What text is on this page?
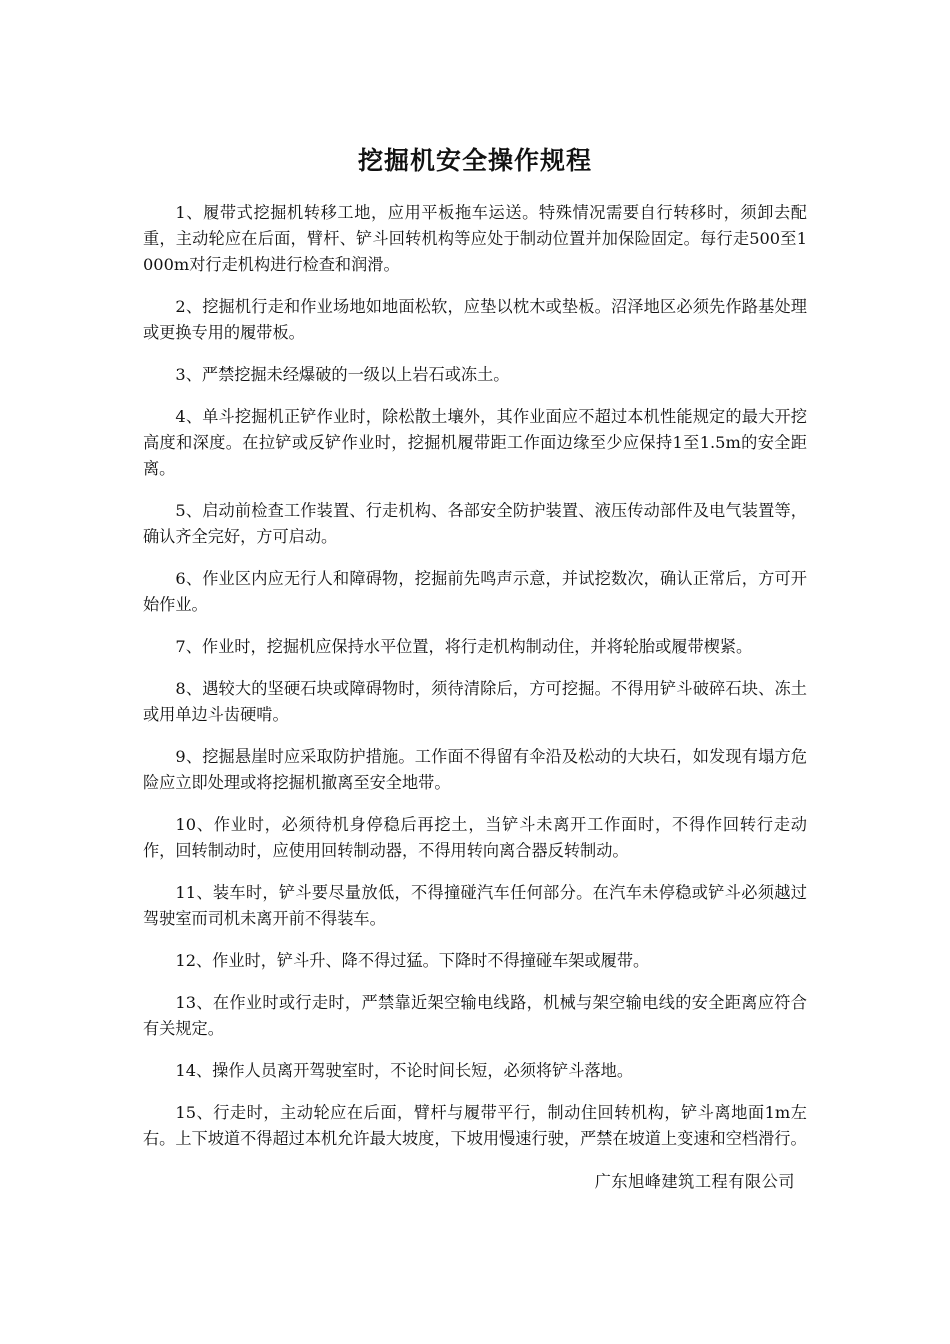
挖掘机安全操作规程

1、履带式挖掘机转移工地，应用平板拖车运送。特殊情况需要自行转移时，须卸去配重，主动轮应在后面，臂杆、铲斗回转机构等应处于制动位置并加保险固定。每行走500至1000m对行走机构进行检查和润滑。

2、挖掘机行走和作业场地如地面松软，应垫以枕木或垫板。沼泽地区必须先作路基处理或更换专用的履带板。

3、严禁挖掘未经爆破的一级以上岩石或冻土。

4、单斗挖掘机正铲作业时，除松散土壤外，其作业面应不超过本机性能规定的最大开挖高度和深度。在拉铲或反铲作业时，挖掘机履带距工作面边缘至少应保持1至1.5m的安全距离。

5、启动前检查工作装置、行走机构、各部安全防护装置、液压传动部件及电气装置等，确认齐全完好，方可启动。

6、作业区内应无行人和障碍物，挖掘前先鸣声示意，并试挖数次，确认正常后，方可开始作业。

7、作业时，挖掘机应保持水平位置，将行走机构制动住，并将轮胎或履带楔紧。

8、遇较大的坚硬石块或障碍物时，须待清除后，方可挖掘。不得用铲斗破碎石块、冻土或用单边斗齿硬啃。

9、挖掘悬崖时应采取防护措施。工作面不得留有伞沿及松动的大块石，如发现有塌方危险应立即处理或将挖掘机撤离至安全地带。

10、作业时，必须待机身停稳后再挖土，当铲斗未离开工作面时，不得作回转行走动作，回转制动时，应使用回转制动器，不得用转向离合器反转制动。

11、装车时，铲斗要尽量放低，不得撞碰汽车任何部分。在汽车未停稳或铲斗必须越过驾驶室而司机未离开前不得装车。

12、作业时，铲斗升、降不得过猛。下降时不得撞碰车架或履带。

13、在作业时或行走时，严禁靠近架空输电线路，机械与架空输电线的安全距离应符合有关规定。

14、操作人员离开驾驶室时，不论时间长短，必须将铲斗落地。

15、行走时，主动轮应在后面，臂杆与履带平行，制动住回转机构，铲斗离地面1m左右。上下坡道不得超过本机允许最大坡度，下坡用慢速行驶，严禁在坡道上变速和空档滑行。

广东旭峰建筑工程有限公司
